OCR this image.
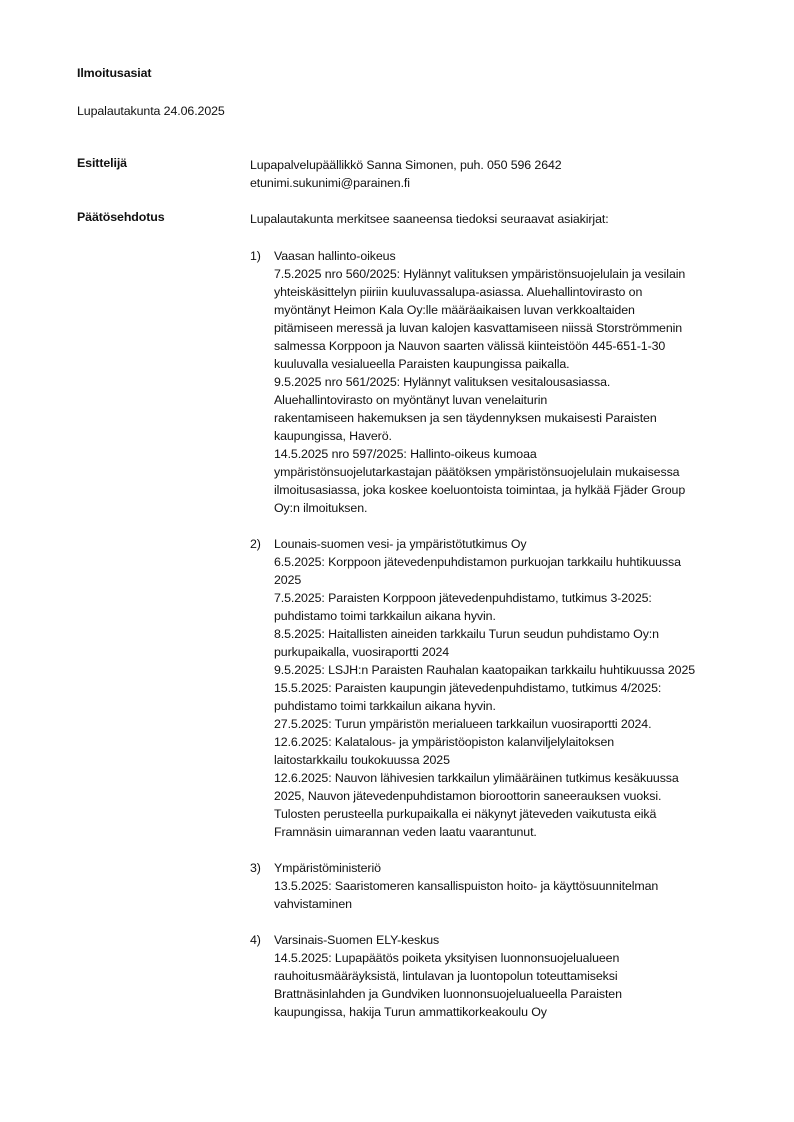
Ilmoitusasiat
Lupalautakunta 24.06.2025
Esittelijä	Lupapalvelupäällikkö Sanna Simonen, puh. 050 596 2642
etunimi.sukunimi@parainen.fi
Päätösehdotus	Lupalautakunta merkitsee saaneensa tiedoksi seuraavat asiakirjat:
1) Vaasan hallinto-oikeus
7.5.2025 nro 560/2025: Hylännyt valituksen ympäristönsuojelulain ja vesilain
yhteiskäsittelyn piiriin kuuluvassalupa-asiassa. Aluehallintovirasto on
myöntänyt Heimon Kala Oy:lle määräaikaisen luvan verkkoaltaiden
pitämiseen meressä ja luvan kalojen kasvattamiseen niissä Storströmmenin
salmessa Korppoon ja Nauvon saarten välissä kiinteistöön 445-651-1-30
kuuluvalla vesialueella Paraisten kaupungissa paikalla.
9.5.2025 nro 561/2025: Hylännyt valituksen vesitalousasiassa.
Aluehallintovirasto on myöntänyt luvan venelaiturin
rakentamiseen hakemuksen ja sen täydennyksen mukaisesti Paraisten
kaupungissa, Haverö.
14.5.2025 nro 597/2025: Hallinto-oikeus kumoaa
ympäristönsuojelutarkastajan päätöksen ympäristönsuojelulain mukaisessa
ilmoitusasiassa, joka koskee koeluontoista toimintaa, ja hylkää Fjäder Group
Oy:n ilmoituksen.
2) Lounais-suomen vesi- ja ympäristötutkimus Oy
6.5.2025: Korppoon jätevedenpuhdistamon purkuojan tarkkailu huhtikuussa
2025
7.5.2025: Paraisten Korppoon jätevedenpuhdistamo, tutkimus 3-2025:
puhdistamo toimi tarkkailun aikana hyvin.
8.5.2025: Haitallisten aineiden tarkkailu Turun seudun puhdistamo Oy:n
purkupaikalla, vuosiraportti 2024
9.5.2025: LSJH:n Paraisten Rauhalan kaatopaikan tarkkailu huhtikuussa 2025
15.5.2025: Paraisten kaupungin jätevedenpuhdistamo, tutkimus 4/2025:
puhdistamo toimi tarkkailun aikana hyvin.
27.5.2025: Turun ympäristön merialueen tarkkailun vuosiraportti 2024.
12.6.2025: Kalatalous- ja ympäristöopiston kalanviljelylaitoksen
laitostarkkailu toukokuussa 2025
12.6.2025: Nauvon lähivesien tarkkailun ylimääräinen tutkimus kesäkuussa
2025, Nauvon jätevedenpuhdistamon bioroottorin saneerauksen vuoksi.
Tulosten perusteella purkupaikalla ei näkynyt jäteveden vaikutusta eikä
Framnäsin uimarannan veden laatu vaarantunut.
3) Ympäristöministeriö
13.5.2025: Saaristomeren kansallispuiston hoito- ja käyttösuunnitelman
vahvistaminen
4) Varsinais-Suomen ELY-keskus
14.5.2025: Lupapäätös poiketa yksityisen luonnonsuojelualueen
rauhoitusmääräyksistä, lintulavan ja luontopolun toteuttamiseksi
Brattnäsinlahden ja Gundviken luonnonsuojelualueella Paraisten
kaupungissa, hakija Turun ammattikorkeakoulu Oy
